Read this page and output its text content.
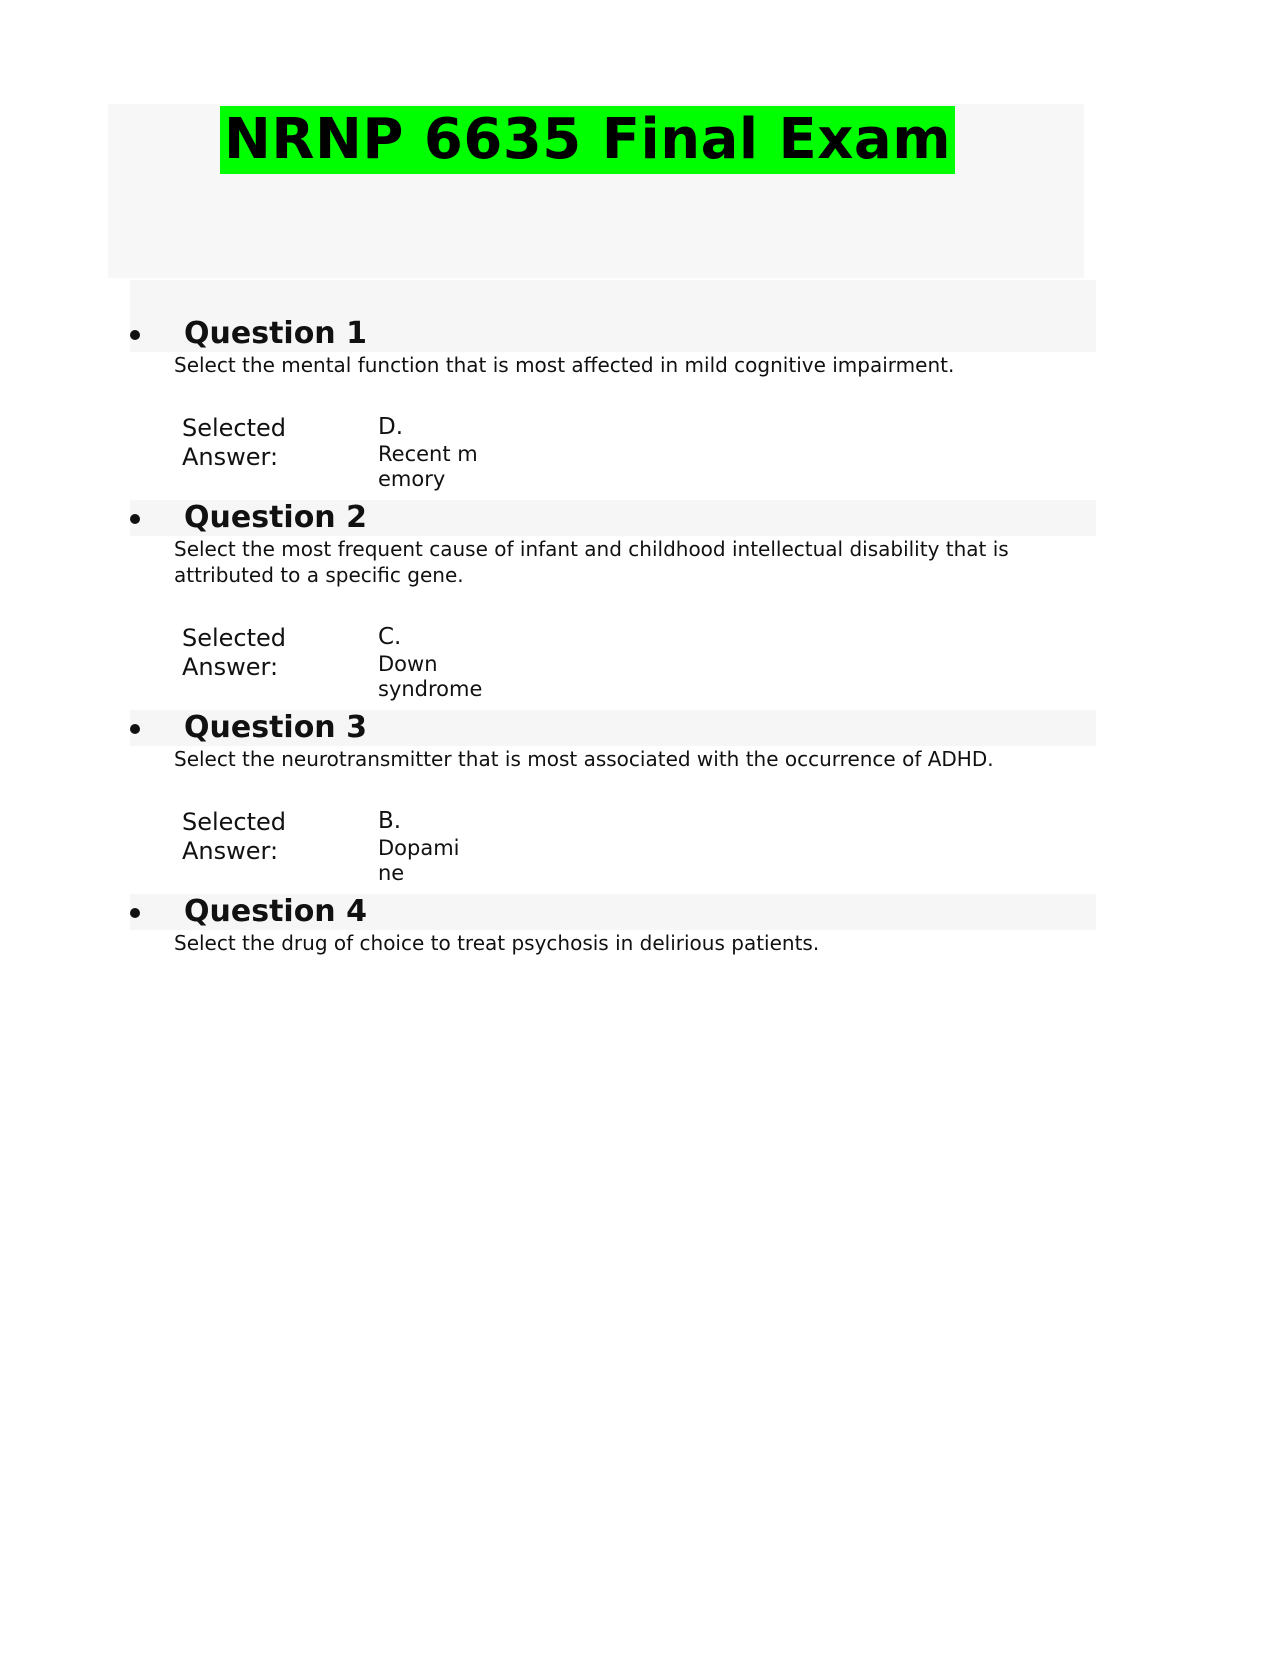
NRNP 6635 Final Exam
Question 1
Select the mental function that is most affected in mild cognitive impairment.
Selected
Answer:
D.
Recent memory
Question 2
Select the most frequent cause of infant and childhood intellectual disability that is attributed to a specific gene.
Selected
Answer:
C.
Down syndrome
Question 3
Select the neurotransmitter that is most associated with the occurrence of ADHD.
Selected
Answer:
B.
Dopamine
Question 4
Select the drug of choice to treat psychosis in delirious patients.
